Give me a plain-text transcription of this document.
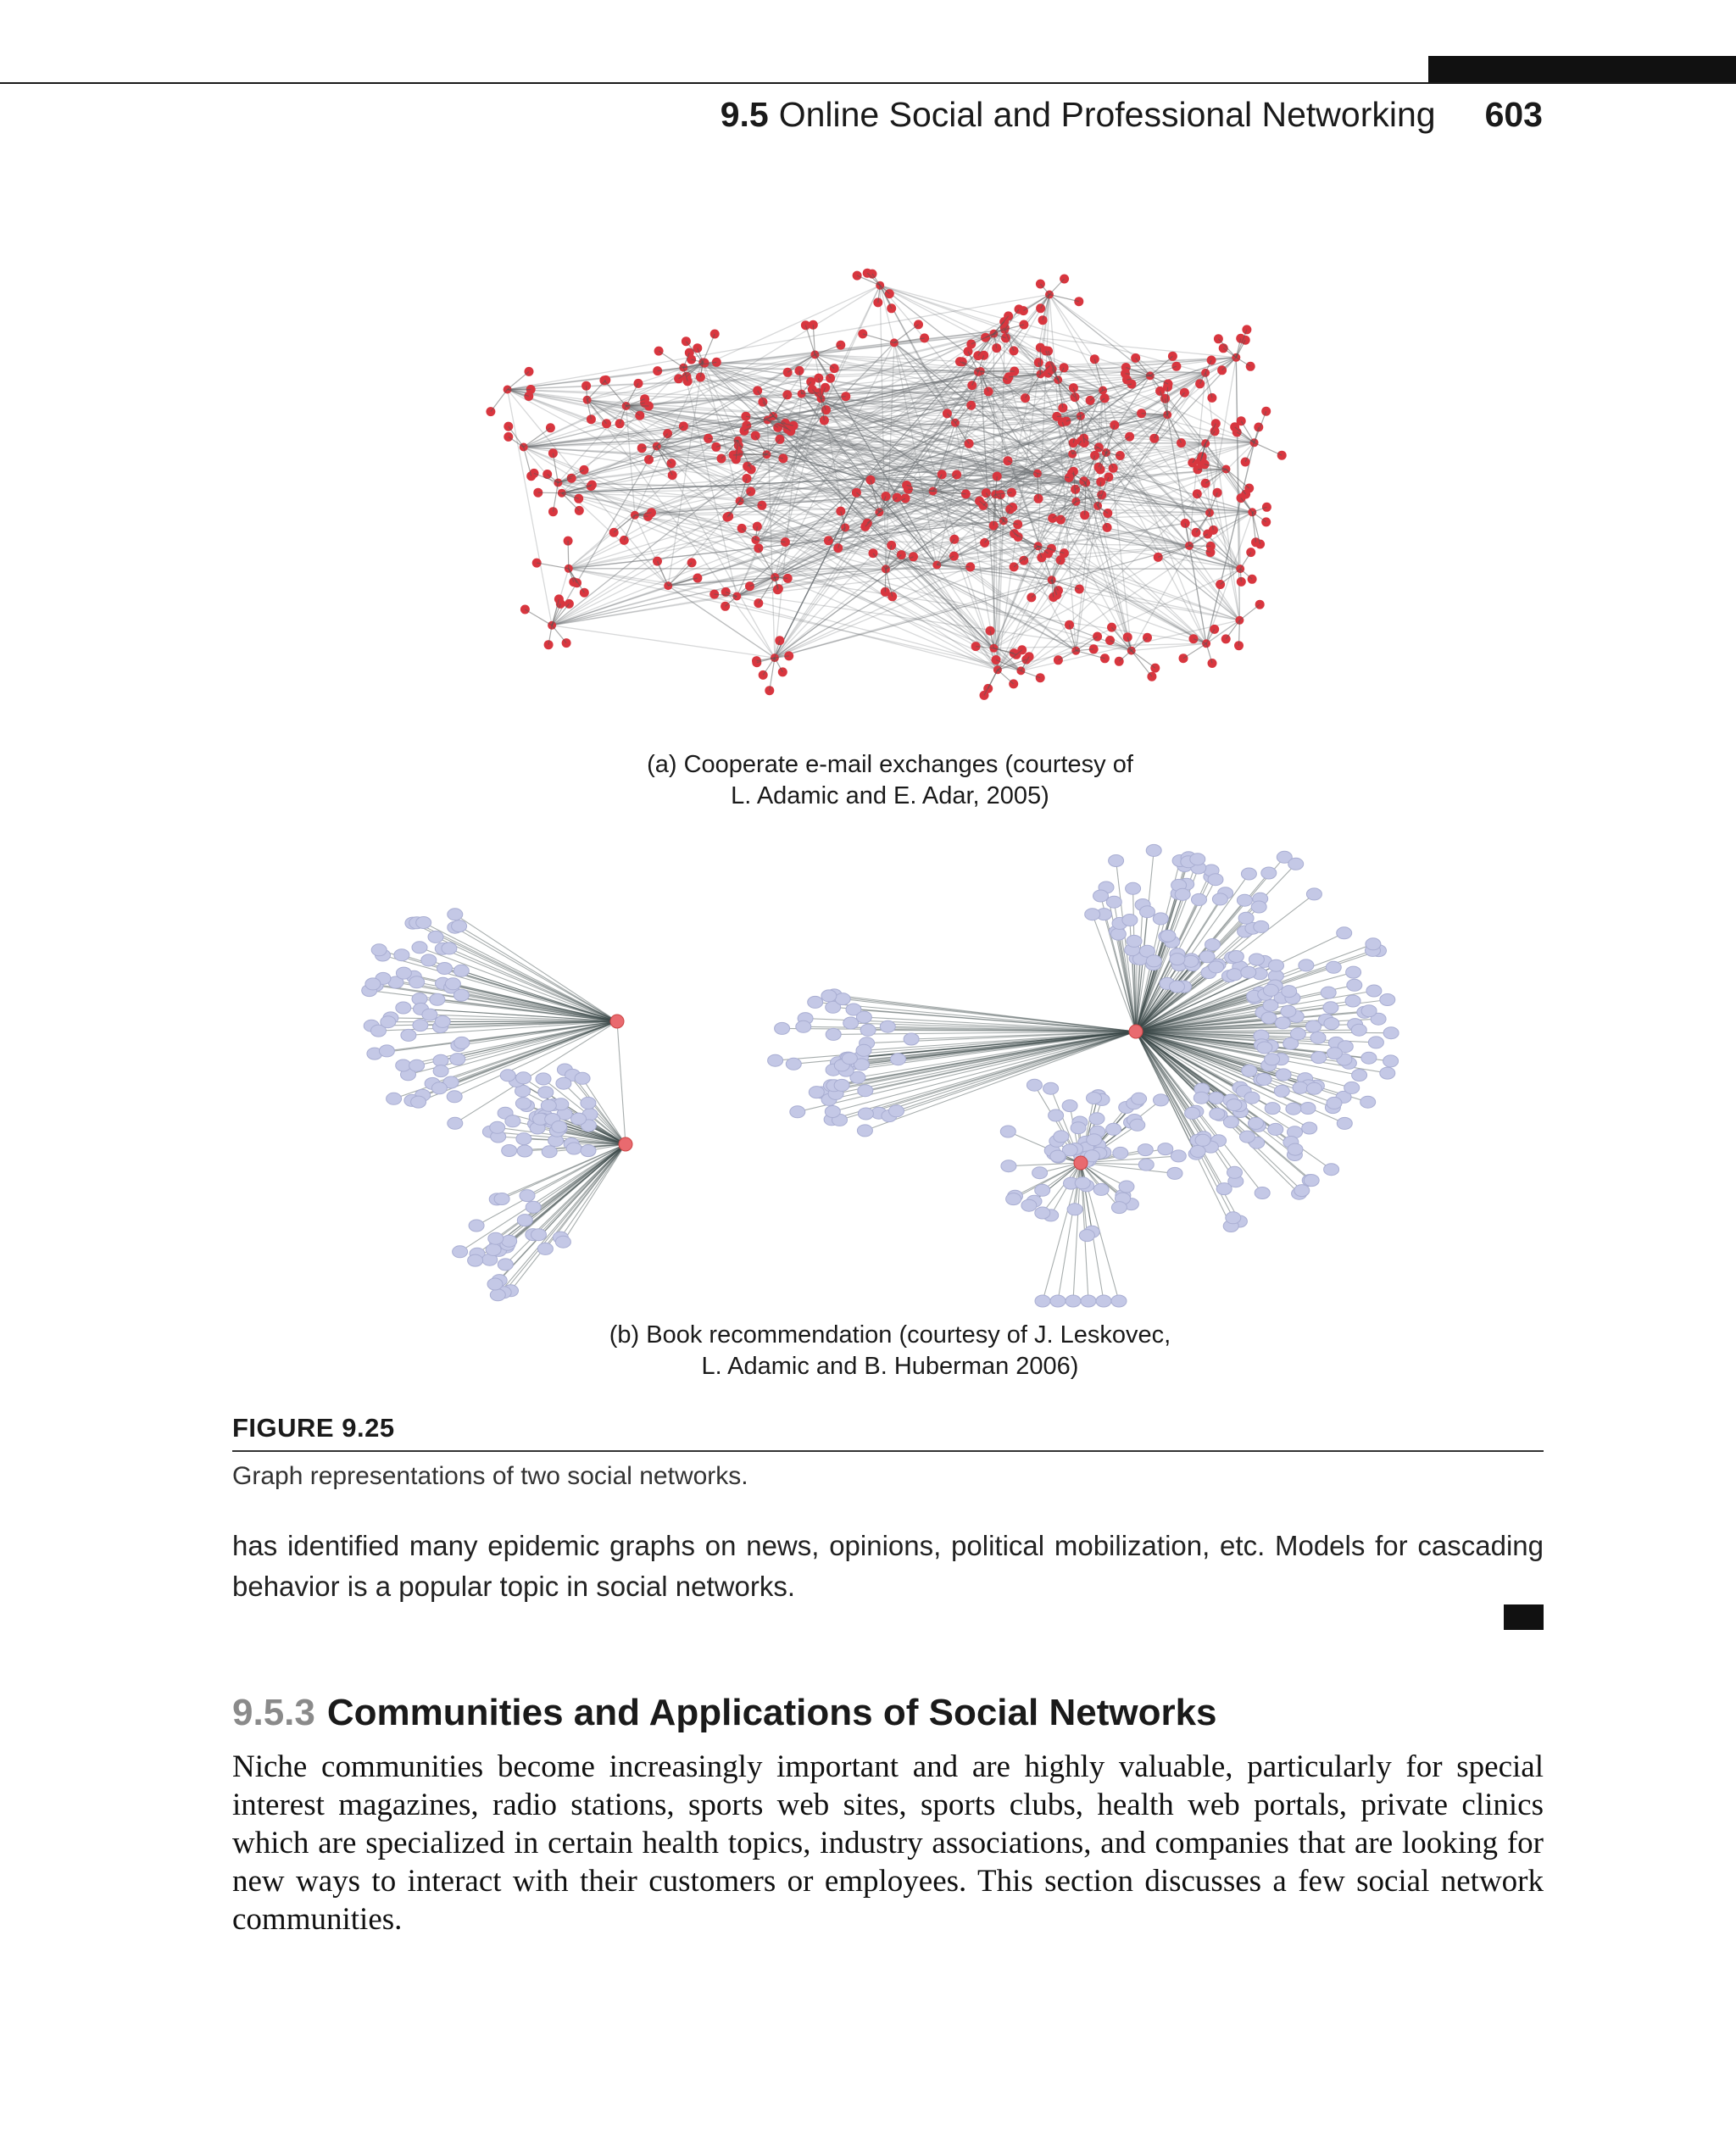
9.5 Online Social and Professional Networking 603
(a) Cooperate e-mail exchanges (courtesy of
L. Adamic and E. Adar, 2005)
(b) Book recommendation (courtesy of J. Leskovec,
L. Adamic and B. Huberman 2006)
FIGURE 9.25
Graph representations of two social networks.
has identified many epidemic graphs on news, opinions, political mobilization, etc. Models for cascading behavior is a popular topic in social networks.
9.5.3 Communities and Applications of Social Networks
Niche communities become increasingly important and are highly valuable, particularly for special interest magazines, radio stations, sports web sites, sports clubs, health web portals, private clinics which are specialized in certain health topics, industry associations, and companies that are looking for new ways to interact with their customers or employees. This section discusses a few social network communities.
